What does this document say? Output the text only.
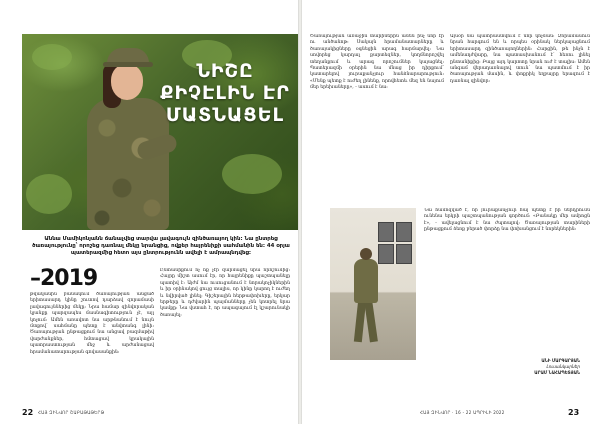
ՆԻՇԸ
ՔԻՉԷԼԻՆ ԷՐ
ՄԱՏՆԱՑԵԼ
Աննա Մամիկոնյանն ճանաչվեց տարվա լավագույն զինծառայող կին: Նա ընտրեց ծառայությունը՝ որոշեց դառնալ մեկը նրանցից, ովքեր հայրենիքի սահմանին են: 44 օրյա պատերազմից հետո այս ընտրությունն ավելի է ամրապնդվեց:
–2019
թվականին բանակում ծառայության անցած երիտասարդ կինը շուտով դարձավ զորամասի լավագույններից մեկը: Նրա համար զինվորական կյանքը պարզապես մասնագիտություն չէ, այլ կոչում: Ամեն առավոտ նա արթնանում է նույն մտքով՝ սահմանը պետք է անվտանգ լինի: Ծառայության ընթացքում նա անցավ բազմաթիվ վարժանքներ, հմտացավ կրակային պատրաստության մեջ և արժանացավ հրամանատարության գովասանքին:
Ընտանիքում ոչ ոք չէր զարմացել նրա որոշումից: Հայրը միշտ ասում էր, որ հայրենիքը պաշտպանելը պատիվ է: Այժմ նա ուսուցանում է նորակոչիկներին և իր օրինակով ցույց տալիս, որ կինը կարող է ուժեղ և նվիրված լինել: Գիշերային հերթափոխերը, երկար երթերը և դժվարին պայմանները չեն կոտրել նրա կամքը: Նա վստահ է, որ ապագայում էլ կշարունակի ծառայել:
22 ՀԱՅ ԶԻՆՎՈՐ ՇԱԲԱԹԱԹԵՐԹ
Ծառայության առաջին տարիներին ամեն ինչ նոր էր ու անծանոթ: Սակայն հրամանատարները և ծառայակիցները օգնեցին արագ հարմարվել: Նա սովորեց կարդալ քարտեզներ, կողմնորոշվել տեղանքում և արագ որոշումներ կայացնել: Պատերազմի օրերին նա մնաց իր դիրքում՝ կատարելով յուրաքանչյուր հանձնարարություն: «Մենք պետք է ուժեղ լինենք, որովհետև մեզ են նայում մեր երեխաները», - ասում է նա:
Այսօր նա պատրաստվում է նոր կոչման: Զորամասում նրան հարգում են և որպես օրինակ ներկայացնում երիտասարդ զինծառայողներին: Հարցին, թե ինչն է ամենադժվարը, նա պատասխանում է՝ հեռու լինել ընտանիքից: Բայց այդ կարոտը նրան ուժ է տալիս: Ամեն անգամ վերադառնալով տուն՝ նա պատմում է իր ծառայության մասին, և փոքրիկ եղբայրը երազում է դառնալ զինվոր:
Նա համոզված է, որ յուրաքանչյուր հայ պետք է իր ներդրումն ունենա երկրի պաշտպանության գործում: «Բանակը մեր ամրոցն է», - ավելացնում է նա ժպտալով: Ծառայության տարիների ընթացքում ձեռք բերած փորձը նա փոխանցում է նորեկներին:
ԱՆԻ ՄԱՐԳԱՐՅԱՆ
Լուսանկարներ
ԱՐԱՄ ՆԱՀԱՊԵՏՅԱՆ
ՀԱՅ ԶԻՆՎՈՐ · 16 - 22 ԱՊՐԻԼԻ 2022	23
